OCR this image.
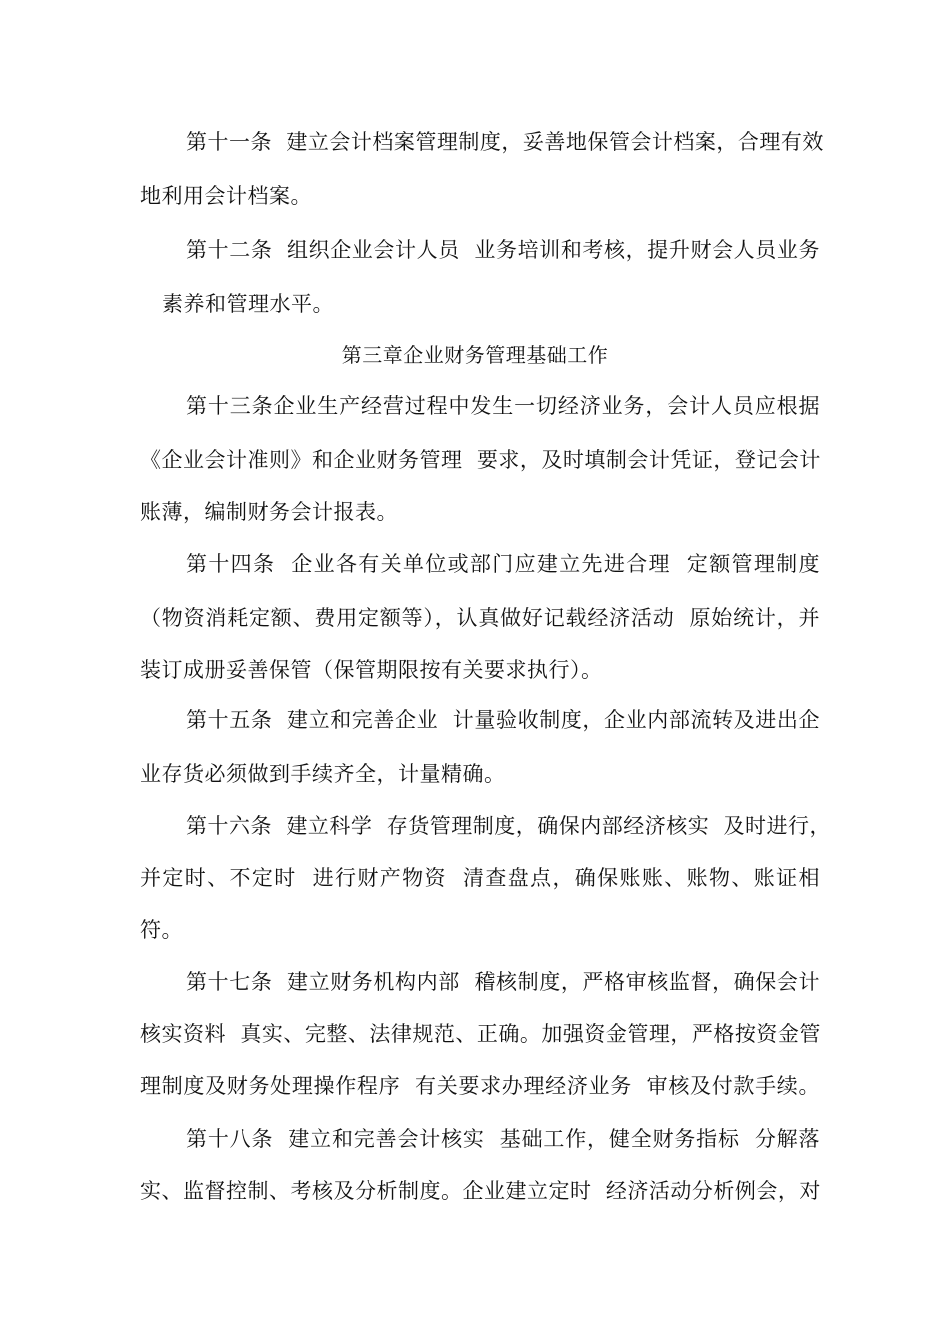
第十一条  建立会计档案管理制度，妥善地保管会计档案，合理有效
地利用会计档案。
第十二条  组织企业会计人员  业务培训和考核，提升财会人员业务
素养和管理水平。
第三章企业财务管理基础工作
第十三条企业生产经营过程中发生一切经济业务，会计人员应根据
《企业会计准则》和企业财务管理  要求，及时填制会计凭证，登记会计
账薄，编制财务会计报表。
第十四条  企业各有关单位或部门应建立先进合理  定额管理制度
（物资消耗定额、费用定额等），认真做好记载经济活动  原始统计，并
装订成册妥善保管（保管期限按有关要求执行）。
第十五条  建立和完善企业  计量验收制度，企业内部流转及进出企
业存货必须做到手续齐全，计量精确。
第十六条  建立科学  存货管理制度，确保内部经济核实  及时进行，
并定时、不定时  进行财产物资  清查盘点，确保账账、账物、账证相
符。
第十七条  建立财务机构内部  稽核制度，严格审核监督，确保会计
核实资料  真实、完整、法律规范、正确。加强资金管理，严格按资金管
理制度及财务处理操作程序  有关要求办理经济业务  审核及付款手续。
第十八条  建立和完善会计核实  基础工作，健全财务指标  分解落
实、监督控制、考核及分析制度。企业建立定时  经济活动分析例会，对
